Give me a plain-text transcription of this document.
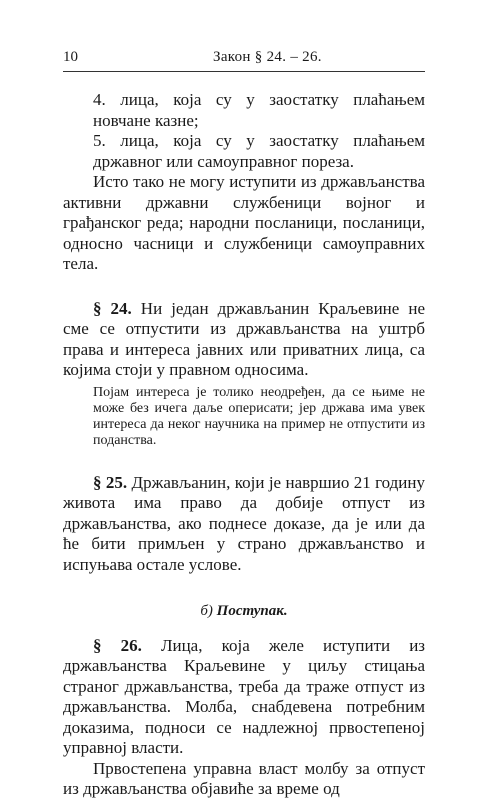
10	Закон § 24. – 26.

4. лица, која су у заостатку плаћањем новчане казне;

5. лица, која су у заостатку плаћањем државног или самоуправног пореза.

Исто тако не могу иступити из држављанства активни државни службеници војног и грађанског реда; народни посланици, посланици, односно часници и службеници самоуправних тела.

§ 24. Ни један држављанин Краљевине не сме се отпустити из држављанства на уштрб права и интереса јавних или приватних лица, са којима стоји у правном односима.

Појам интереса је толико неодређен, да се њиме не може без ичега даље оперисати; јер држава има увек интереса да неког научника на пример не отпустити из поданства.

§ 25. Држављанин, који је навршио 21 годину живота има право да добије отпуст из држављанства, ако поднесе доказе, да је или да ће бити примљен у страно држављанство и испуњава остале услове.

б) Поступак.

§ 26. Лица, која желе иступити из држављанства Краљевине у циљу стицања страног држављанства, треба да траже отпуст из држављанства. Молба, снабдевена потребним доказима, подноси се надлежној првостепеној управној власти.

Првостепена управна власт молбу за отпуст из држављанства објавиће за време од
